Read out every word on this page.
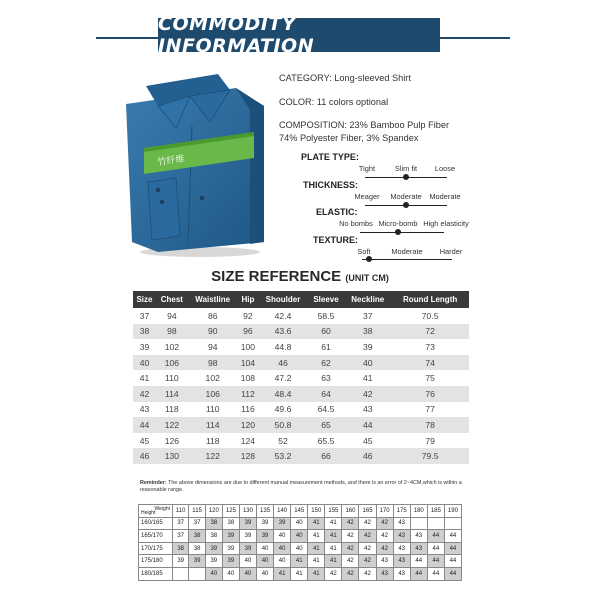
COMMODITY INFORMATION
竹纤维
CATEGORY: Long-sleeved Shirt
COLOR: 11 colors optional
COMPOSITION: 23% Bamboo Pulp Fiber
74% Polyester Fiber, 3% Spandex
PLATE TYPE:
Tight	Slim fit Loose
THICKNESS:
Meager Moderate Moderate
ELASTIC:
No bombs Micro-bomb High elasticity
TEXTURE:
Soft	Moderate Harder
SIZE REFERENCE (UNIT CM)
Size	Chest	Waistline	Hip	Shoulder	Sleeve	Neckline	Round Length
37	94	86	92	42.4	58.5	37	70.5
38	98	90	96	43.6	60	38	72
39	102	94	100	44.8	61	39	73
40	106	98	104	46	62	40	74
41	110	102	108	47.2	63	41	75
42	114	106	112	48.4	64	42	76
43	118	110	116	49.6	64.5	43	77
44	122	114	120	50.8	65	44	78
45	126	118	124	52	65.5	45	79
46	130	122	128	53.2	66	46	79.5
Reminder: The above dimensions are due to different manual measurement methods, and there is an error of 2~4CM,which is within a reasonable range.
Weight
Height	110	115	120	125	130	135	140	145	150	155	160	165	170	175	180	185	190
160/165	37	37	38	38	39	39	39	40	41	41	42	42	42	43			
165/170	37	38	38	39	39	39	40	40	41	41	42	42	42	43	43	44	44
170/175	38	38	39	39	39	40	40	40	41	41	42	42	42	43	43	44	44
175/180	39	39	39	39	40	40	40	41	41	41	42	42	43	43	44	44	44
180/185			40	40	40	40	41	41	41	42	42	42	43	43	44	44	44
